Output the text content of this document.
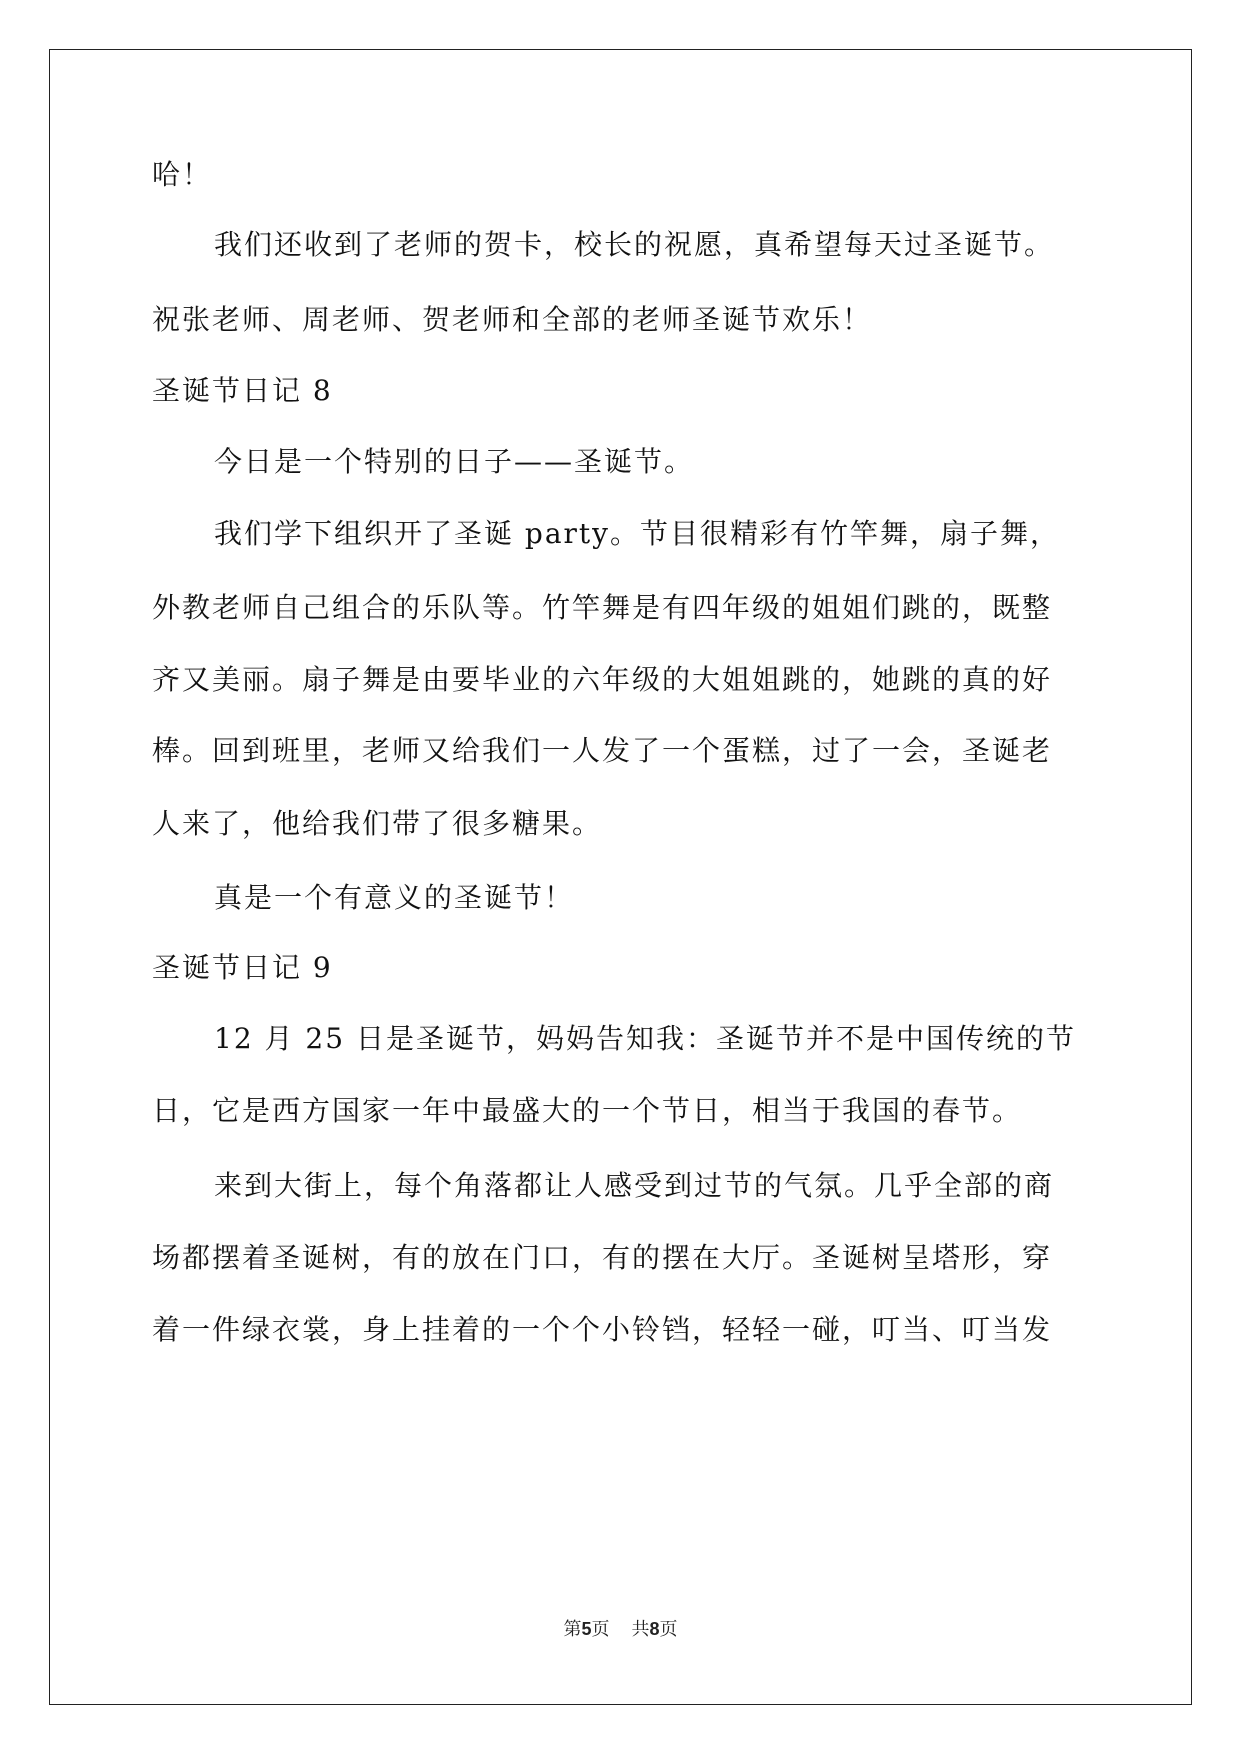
哈！
我们还收到了老师的贺卡，校长的祝愿，真希望每天过圣诞节。
祝张老师、周老师、贺老师和全部的老师圣诞节欢乐！
圣诞节日记 8
今日是一个特别的日子——圣诞节。
我们学下组织开了圣诞 party。节目很精彩有竹竿舞，扇子舞，
外教老师自己组合的乐队等。竹竿舞是有四年级的姐姐们跳的，既整
齐又美丽。扇子舞是由要毕业的六年级的大姐姐跳的，她跳的真的好
棒。回到班里，老师又给我们一人发了一个蛋糕，过了一会，圣诞老
人来了，他给我们带了很多糖果。
真是一个有意义的圣诞节！
圣诞节日记 9
12 月 25 日是圣诞节，妈妈告知我：圣诞节并不是中国传统的节
日，它是西方国家一年中最盛大的一个节日，相当于我国的春节。
来到大街上，每个角落都让人感受到过节的气氛。几乎全部的商
场都摆着圣诞树，有的放在门口，有的摆在大厅。圣诞树呈塔形，穿
着一件绿衣裳，身上挂着的一个个小铃铛，轻轻一碰，叮当、叮当发
第5页 共8页
